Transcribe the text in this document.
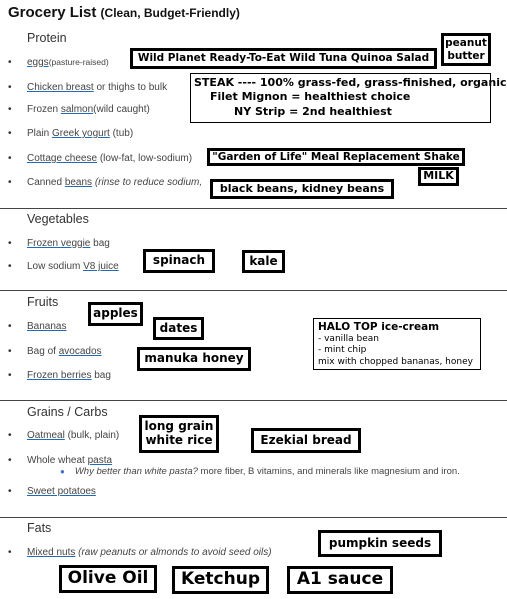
Grocery List (Clean, Budget-Friendly)
Protein
• eggs(pasture-raised)
• Chicken breast or thighs to bulk
• Frozen salmon(wild caught)
• Plain Greek yogurt (tub)
• Cottage cheese (low-fat, low-sodium)
• Canned beans (rinse to reduce sodium,
Vegetables
• Frozen veggie bag
• Low sodium V8 juice
Fruits
• Bananas
• Bag of avocados
• Frozen berries bag
Grains / Carbs
• Oatmeal (bulk, plain)
• Whole wheat pasta
● Why better than white pasta? more fiber, B vitamins, and minerals like magnesium and iron.
• Sweet potatoes
Fats
• Mixed nuts (raw peanuts or almonds to avoid seed oils)
Wild Planet Ready-To-Eat Wild Tuna Quinoa Salad
peanut
butter
STEAK ---- 100% grass-fed, grass-finished, organic
Filet Mignon = healthiest choice
NY Strip = 2nd healthiest
"Garden of Life" Meal Replacement Shake
MILK
black beans, kidney beans
spinach	kale
apples
dates
manuka honey
HALO TOP ice-cream
- vanilla bean
- mint chip
mix with chopped bananas, honey
long grain
white rice	Ezekial bread
pumpkin seeds
Olive Oil	Ketchup	A1 sauce
